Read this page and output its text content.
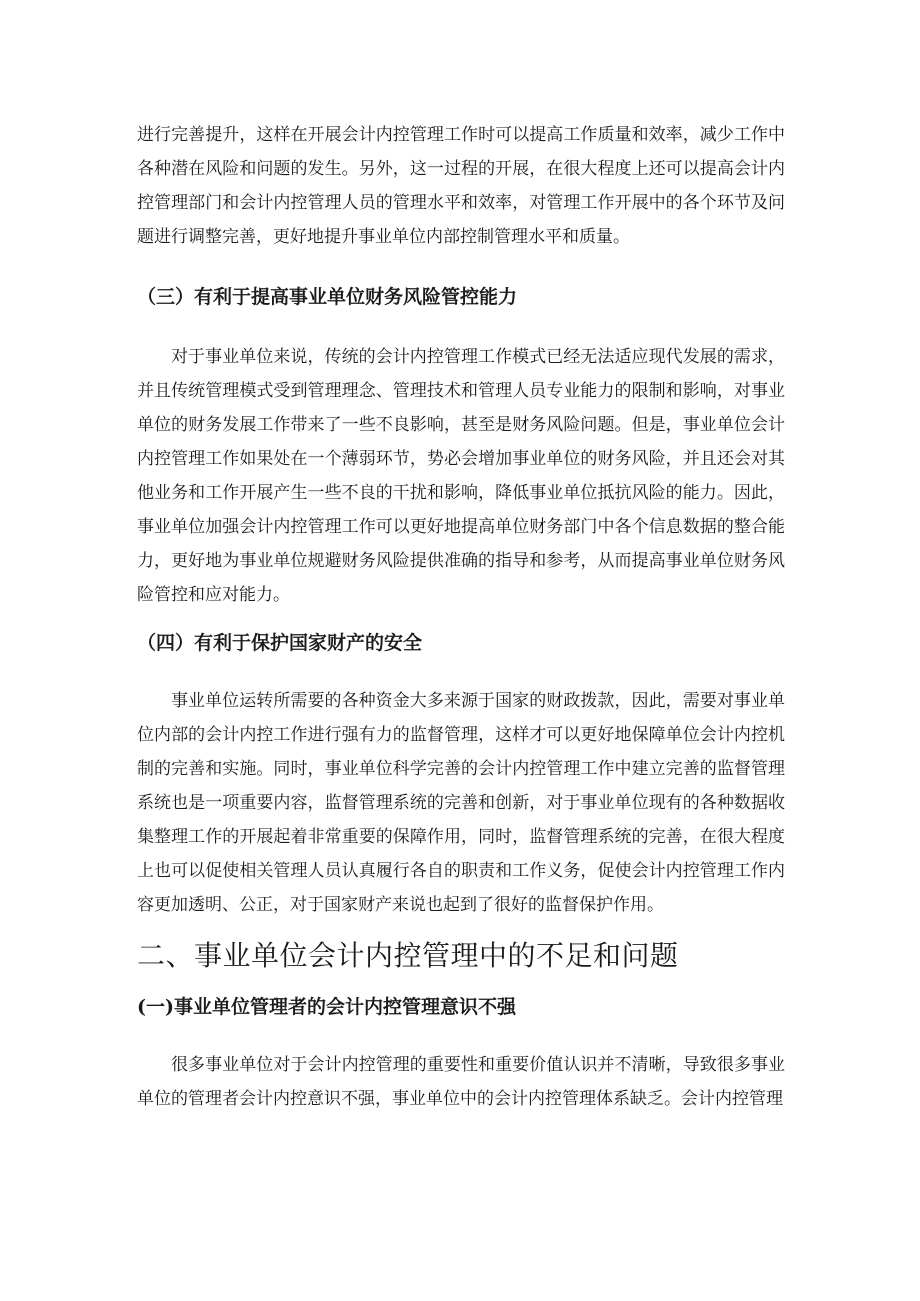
进行完善提升，这样在开展会计内控管理工作时可以提高工作质量和效率，减少工作中各种潜在风险和问题的发生。另外，这一过程的开展，在很大程度上还可以提高会计内控管理部门和会计内控管理人员的管理水平和效率，对管理工作开展中的各个环节及问题进行调整完善，更好地提升事业单位内部控制管理水平和质量。

（三）有利于提高事业单位财务风险管控能力

对于事业单位来说，传统的会计内控管理工作模式已经无法适应现代发展的需求，并且传统管理模式受到管理理念、管理技术和管理人员专业能力的限制和影响，对事业单位的财务发展工作带来了一些不良影响，甚至是财务风险问题。但是，事业单位会计内控管理工作如果处在一个薄弱环节，势必会增加事业单位的财务风险，并且还会对其他业务和工作开展产生一些不良的干扰和影响，降低事业单位抵抗风险的能力。因此，事业单位加强会计内控管理工作可以更好地提高单位财务部门中各个信息数据的整合能力，更好地为事业单位规避财务风险提供准确的指导和参考，从而提高事业单位财务风险管控和应对能力。

（四）有利于保护国家财产的安全

事业单位运转所需要的各种资金大多来源于国家的财政拨款，因此，需要对事业单位内部的会计内控工作进行强有力的监督管理，这样才可以更好地保障单位会计内控机制的完善和实施。同时，事业单位科学完善的会计内控管理工作中建立完善的监督管理系统也是一项重要内容，监督管理系统的完善和创新，对于事业单位现有的各种数据收集整理工作的开展起着非常重要的保障作用，同时，监督管理系统的完善，在很大程度上也可以促使相关管理人员认真履行各自的职责和工作义务，促使会计内控管理工作内容更加透明、公正，对于国家财产来说也起到了很好的监督保护作用。

二、事业单位会计内控管理中的不足和问题
(一)事业单位管理者的会计内控管理意识不强

很多事业单位对于会计内控管理的重要性和重要价值认识并不清晰，导致很多事业单位的管理者会计内控意识不强，事业单位中的会计内控管理体系缺乏。会计内控管理
